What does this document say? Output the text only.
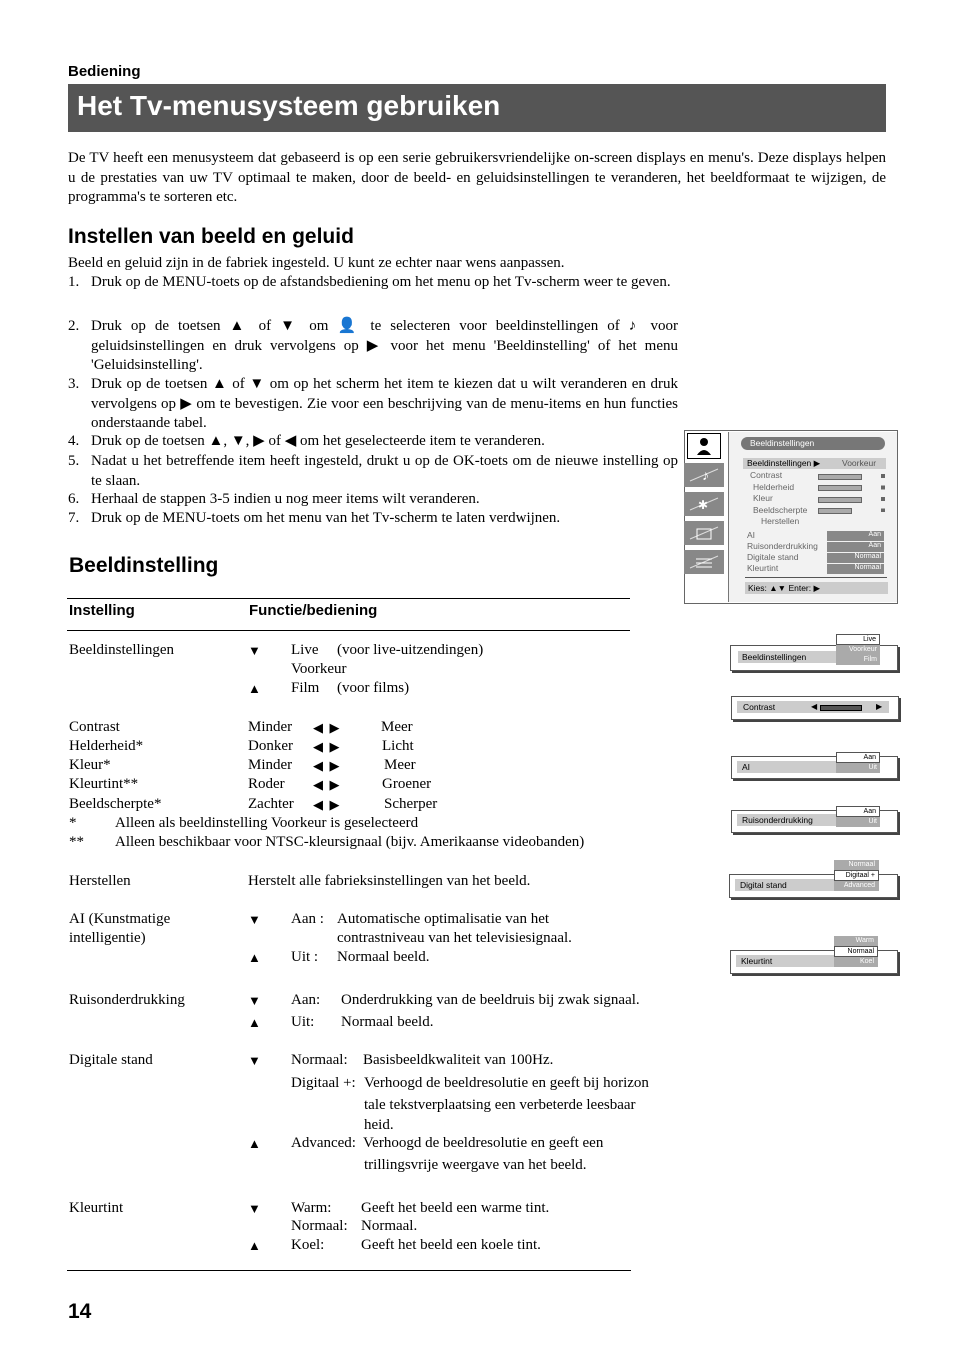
Bediening
Het Tv-menusysteem gebruiken
De TV heeft een menusysteem dat gebaseerd is op een serie gebruikersvriendelijke on-screen displays en menu's. Deze displays helpen u de prestaties van uw TV optimaal te maken, door de beeld- en geluidsinstellingen te veranderen, het beeldformaat te wijzigen, de programma's te sorteren etc.
Instellen van beeld en geluid
Beeld en geluid zijn in de fabriek ingesteld. U kunt ze echter naar wens aanpassen.
1. Druk op de MENU-toets op de afstandsbediening om het menu op het Tv-scherm weer te geven.
2. Druk op de toetsen ▲ of ▼ om 👤 te selecteren voor beeldinstellingen of ♪ voor geluidsinstellingen en druk vervolgens op ▶ voor het menu 'Beeldinstelling' of het menu 'Geluidsinstelling'.
3. Druk op de toetsen ▲ of ▼ om op het scherm het item te kiezen dat u wilt veranderen en druk vervolgens op ▶ om te bevestigen. Zie voor een beschrijving van de menu-items en hun functies onderstaande tabel.
4. Druk op de toetsen ▲, ▼, ▶ of ◀ om het geselecteerde item te veranderen.
5. Nadat u het betreffende item heeft ingesteld, drukt u op de OK-toets om de nieuwe instelling op te slaan.
6. Herhaal de stappen 3-5 indien u nog meer items wilt veranderen.
7. Druk op de MENU-toets om het menu van het Tv-scherm te laten verdwijnen.
Beeldinstelling
Instelling	Functie/bediening
Beeldinstellingen	▼ Live (voor live-uitzendingen)
Voorkeur
▲ Film (voor films)
Contrast	Minder ◀  ▶	Meer
Helderheid*	Donker ◀  ▶	Licht
Kleur*	Minder ◀  ▶	Meer
Kleurtint**	Roder ◀  ▶	Groener
Beeldscherpte*	Zachter ◀  ▶	Scherper
*	Alleen als beeldinstelling Voorkeur is geselecteerd
** Alleen beschikbaar voor NTSC-kleursignaal (bijv. Amerikaanse videobanden)
Herstellen	Herstelt alle fabrieksinstellingen van het beeld.
AI (Kunstmatige
intelligentie)
▼ Aan : Automatische optimalisatie van het
contrastniveau van het televisiesignaal.
▲ Uit : Normaal beeld.
Ruisonderdrukking	▼ Aan: Onderdrukking van de beeldruis bij zwak signaal.
▲ Uit: Normaal beeld.
Digitale stand	▼ Normaal: Basisbeeldkwaliteit van 100Hz.
Digitaal +: Verhoogd de beeldresolutie en geeft bij horizon
tale tekstverplaatsing een verbeterde leesbaar
heid.
▲ Advanced: Verhoogd de beeldresolutie en geeft een
trillingsvrije weergave van het beeld.
Kleurtint	▼ Warm: Geeft het beeld een warme tint.
Normaal: Normaal.
▲ Koel: Geeft het beeld een koele tint.
♪
✱
Beeldinstellingen
Beeldinstellingen ▶	Voorkeur
Contrast
Helderheid
Kleur
Beeldscherpte
Herstellen
AI
Ruisonderdrukking
Digitale stand
Kleurtint
Aan
Aan
Normaal
Normaal
Kies: ▲▼ Enter: ▶
Beeldinstellingen
Live
Voorkeur
Film
Contrast	◀	▶
AI
Aan
Uit
Ruisonderdrukking
Aan
Uit
Digital stand
Normaal
Digitaal +
Advanced
Kleurtint
Warm
Normaal
Koel
14
